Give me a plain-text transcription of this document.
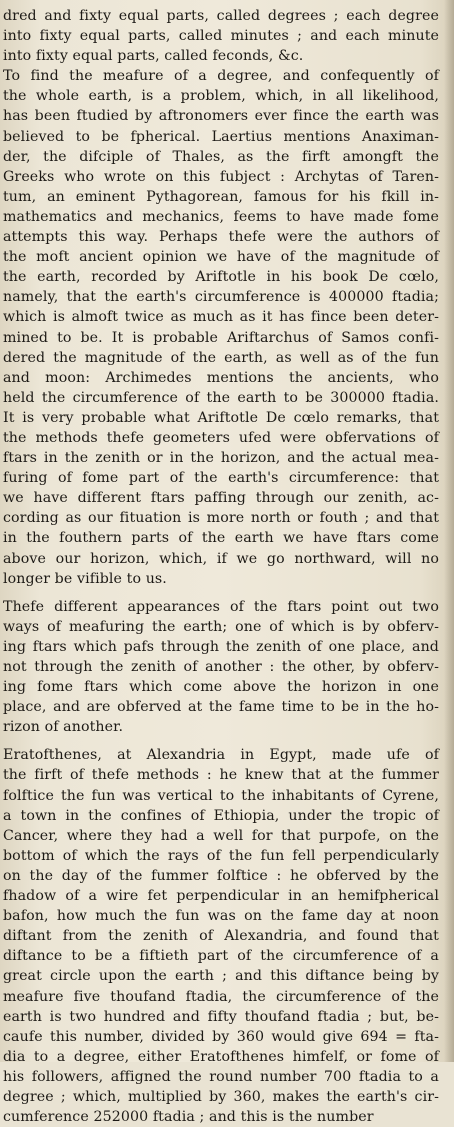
dred and fixty equal parts, called degrees ; each degree
into fixty equal parts, called minutes ; and each minute
into fixty equal parts, called feconds, &c.
To find the meafure of a degree, and confequently of
the whole earth, is a problem, which, in all likelihood,
has been ftudied by aftronomers ever fince the earth was
believed to be fpherical. Laertius mentions Anaximan-
der, the difciple of Thales, as the firft amongft the
Greeks who wrote on this fubject : Archytas of Taren-
tum, an eminent Pythagorean, famous for his fkill in-
mathematics and mechanics, feems to have made fome
attempts this way. Perhaps thefe were the authors of
the moft ancient opinion we have of the magnitude of
the earth, recorded by Ariftotle in his book De cœlo,
namely, that the earth's circumference is 400000 ftadia;
which is almoft twice as much as it has fince been deter-
mined to be. It is probable Ariftarchus of Samos confi-
dered the magnitude of the earth, as well as of the fun
and moon: Archimedes mentions the ancients, who
held the circumference of the earth to be 300000 ftadia.
It is very probable what Ariftotle De cœlo remarks, that
the methods thefe geometers ufed were obfervations of
ftars in the zenith or in the horizon, and the actual mea-
furing of fome part of the earth's circumference: that
we have different ftars paffing through our zenith, ac-
cording as our fituation is more north or fouth ; and that
in the fouthern parts of the earth we have ftars come
above our horizon, which, if we go northward, will no
longer be vifible to us.
Thefe different appearances of the ftars point out two
ways of meafuring the earth; one of which is by obferv-
ing ftars which pafs through the zenith of one place, and
not through the zenith of another : the other, by obferv-
ing fome ftars which come above the horizon in one
place, and are obferved at the fame time to be in the ho-
rizon of another.
Eratofthenes, at Alexandria in Egypt, made ufe of
the firft of thefe methods : he knew that at the fummer
folftice the fun was vertical to the inhabitants of Cyrene,
a town in the confines of Ethiopia, under the tropic of
Cancer, where they had a well for that purpofe, on the
bottom of which the rays of the fun fell perpendicularly
on the day of the fummer folftice : he obferved by the
fhadow of a wire fet perpendicular in an hemifpherical
bafon, how much the fun was on the fame day at noon
diftant from the zenith of Alexandria, and found that
diftance to be a fiftieth part of the circumference of a
great circle upon the earth ; and this diftance being by
meafure five thoufand ftadia, the circumference of the
earth is two hundred and fifty thoufand ftadia ; but, be-
caufe this number, divided by 360 would give 694 = fta-
dia to a degree, either Eratofthenes himfelf, or fome of
his followers, affigned the round number 700 ftadia to a
degree ; which, multiplied by 360, makes the earth's cir-
cumference 252000 ftadia ; and this is the number
